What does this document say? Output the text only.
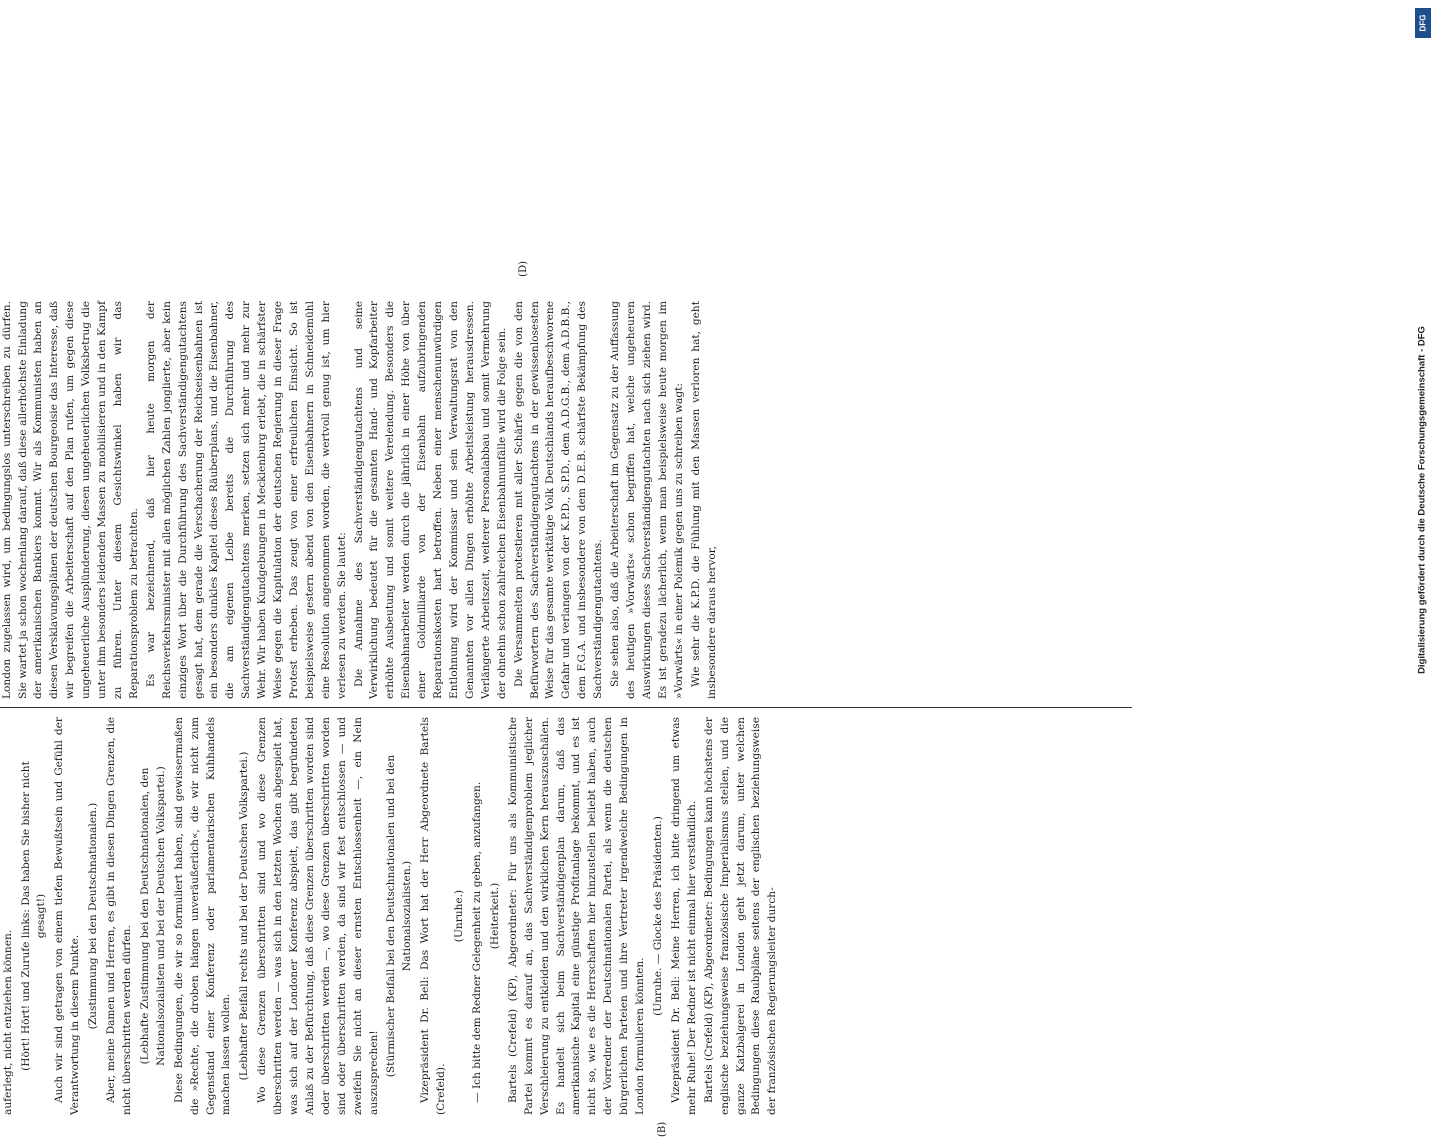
auferlegt, nicht entziehen können. (Hört! Hört! und Zurufe links: Das haben Sie bisher nicht gesagt!) Auch wir sind getragen von einem tiefen Bewußtsein und Gefühl der Verantwortung in diesem Punkte. (Zustimmung bei den Deutschnationalen.) Aber, meine Damen und Herren, es gibt in diesen Dingen Grenzen, die nicht überschritten werden dürfen. (Lebhafte Zustimmung bei den Deutschnationalen, den Nationalsozialisten und bei der Deutschen Volkspartei.) Diese Bedingungen, die wir so formuliert haben, sind gewissermaßen die »Rechte, die droben hängen unveräußerlich«, die wir nicht zum Gegenstand einer Konferenz oder parlamentarischen Kuhhandels machen lassen wollen. (Lebhafter Beifall rechts und bei der Deutschen Volkspartei.) Wo diese Grenzen überschritten sind und wo diese Grenzen überschritten werden — was sich in den letzten Wochen abgespielt hat, was sich auf der Londoner Konferenz abspielt, das gibt begründeten Anlaß zu der Befürchtung, daß diese Grenzen überschritten worden sind oder überschritten werden —, wo diese Grenzen überschritten worden sind oder überschritten werden, da sind wir fest entschlossen — und zweifeln Sie nicht an dieser ernsten Entschlossenheit —, ein Nein auszusprechen! (Stürmischer Beifall bei den Deutschnationalen und bei den Nationalsozialisten.) Vizepräsident Dr. Bell: Das Wort hat der Herr Abgeordnete Bartels (Crefeld).

(Unruhe.) — Ich bitte dem Redner Gelegenheit zu geben, anzufangen. (Heiterkeit.) Bartels (Crefeld) (KP), Abgeordneter: Für uns als Kommunistische Partei kommt es darauf an, das Sachverständigenproblem jeglicher Verschleierung zu entkleiden und den wirklichen Kern herauszuschälen. Es handelt sich beim Sachverständigenplan darum, daß das amerikanische Kapital eine günstige Profitanlage bekommt, und es ist nicht so, wie es die Herrschaften hier hinzustellen beliebt haben, auch der Vorredner der Deutschnationalen Partei, als wenn die deutschen bürgerlichen Parteien und ihre Vertreter irgendwelche Bedingungen in London formulieren könnten.

(Unruhe. — Glocke des Präsidenten.) Vizepräsident Dr. Bell: Meine Herren, ich bitte dringend um etwas mehr Ruhe! Der Redner ist nicht einmal hier verständlich. Bartels (Crefeld) (KP), Abgeordneter: Bedingungen kann höchstens der englische beziehungsweise französische Imperialismus stellen, und die ganze Katzbalgerei in London geht jetzt darum, unter welchen Bedingungen diese Raubpläne seitens der englischen beziehungsweise der französischen Regierungsleiter durch-

London zugelassen wird, um bedingungslos unterschreiben zu dürfen. Sie wartet ja schon wochenlang darauf, daß diese allerhöchste Einladung der amerikanischen Bankiers kommt. Wir als Kommunisten haben an diesen Versklavungsplänen der deutschen Bourgeoisie das Interesse, daß wir begreifen die Arbeiterschaft auf den Plan rufen, um gegen diese ungeheuerliche Ausplünderung, diesen ungeheuerlichen Volksbetrug die unter ihm besonders leidenden Massen zu mobilisieren und in den Kampf zu führen. Unter diesem Gesichtswinkel haben wir das Reparationsproblem zu betrachten. Es war bezeichnend, daß hier heute morgen der Reichsverkehrsminister mit allen möglichen Zahlen jonglierte, aber kein einziges Wort über die Durchführung des Sachverständigengutachtens gesagt hat, dem gerade die Verschacherung der Reichseisenbahnen ist ein besonders dunkles Kapitel dieses Räuberplans, und die Eisenbahner, die am eigenen Leibe bereits die Durchführung des Sachverständigengutachtens merken, setzen sich mehr und mehr zur Wehr. Wir haben Kundgebungen in Mecklenburg erlebt, die in schärfster Weise gegen die Kapitulation der deutschen Regierung in dieser Frage Protest erheben. Das zeugt von einer erfreulichen Einsicht. So ist beispielsweise gestern abend von den Eisenbahnern in Schneidemühl eine Resolution angenommen worden, die wertvoll genug ist, um hier verlesen zu werden. Sie lautet: Die Annahme des Sachverständigengutachtens und seine Verwirklichung bedeutet für die gesamten Hand- und Kopfarbeiter erhöhte Ausbeutung und somit weitere Verelendung. Besonders die Eisenbahnarbeiter werden durch die jährlich in einer Höhe von über einer Goldmilliarde von der Eisenbahn aufzubringenden Reparationskosten hart betroffen. Neben einer menschenunwürdigen Entlohnung wird der Kommissar und sein Verwaltungsrat von den Genannten vor allen Dingen erhöhte Arbeitsleistung herausdressen. Verlängerte Arbeitszeit, weiterer Personalabbau und somit Vermehrung der ohnehin schon zahlreichen Eisenbahnunfälle wird die Folge sein. Die Versammelten protestieren mit aller Schärfe gegen die von den Befürwortern des Sachverständigengutachtens in der gewissenlosesten Weise für das gesamte werktätige Volk Deutschlands heraufbeschworene Gefahr und verlangen von der K.P.D., S.P.D., dem A.D.G.B., dem A.D.B.B., dem F.G.A. und insbesondere von dem D.E.B. schärfste Bekämpfung des Sachverständigengutachtens. Sie sehen also, daß die Arbeiterschaft im Gegensatz zu der Auffassung des heutigen »Vorwärts« schon begriffen hat, welche ungeheuren Auswirkungen dieses Sachverständigengutachten nach sich ziehen wird. Es ist geradezu lächerlich, wenn man beispielsweise heute morgen im »Vorwärts« in einer Polemik gegen uns zu schreiben wagt: Wie sehr die K.P.D. die Fühlung mit den Massen verloren hat, geht insbesondere daraus hervor,

(B)
(D)
Digitalisierung gefördert durch die Deutsche Forschungsgemeinschaft - DFG
DFG
